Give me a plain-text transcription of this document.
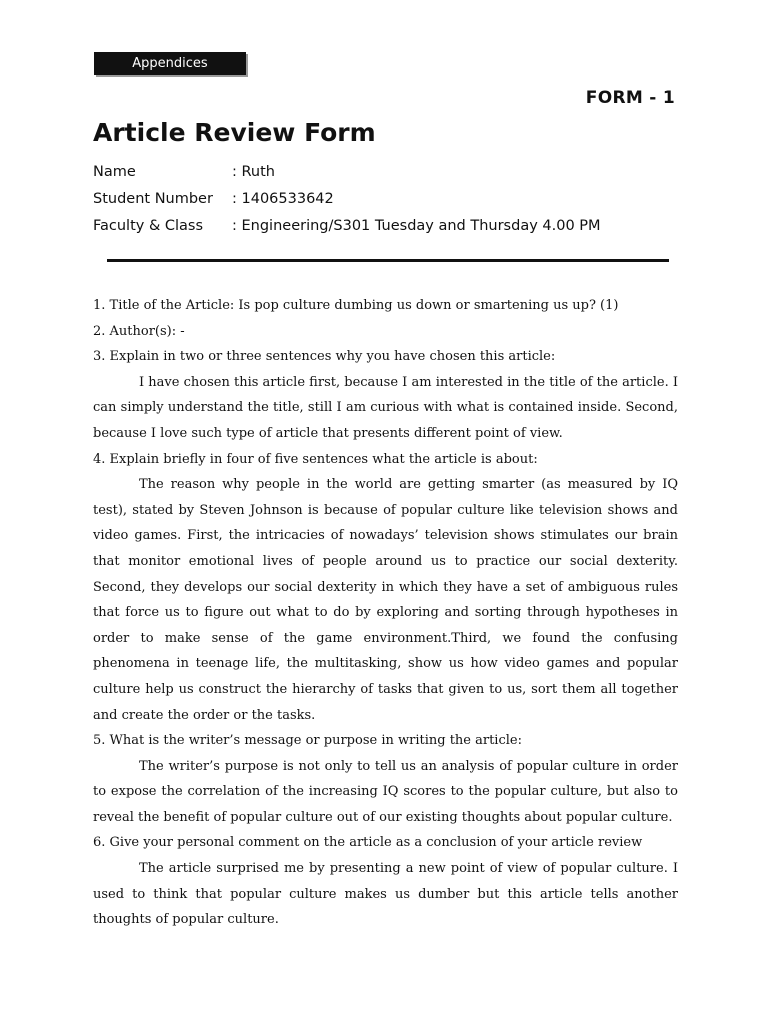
Appendices
FORM - 1
Article Review Form
Name	: Ruth
Student Number	: 1406533642
Faculty & Class	: Engineering/S301 Tuesday and Thursday 4.00 PM

1. Title of the Article: Is pop culture dumbing us down or smartening us up? (1)

2. Author(s): -

3. Explain in two or three sentences why you have chosen this article:

I have chosen this article first, because I am interested in the title of the article. I can simply understand the title, still I am curious with what is contained inside. Second, because I love such type of article that presents different point of view.

4. Explain briefly in four of five sentences what the article is about:

The reason why people in the world are getting smarter (as measured by IQ test), stated by Steven Johnson is because of popular culture like television shows and video games. First, the intricacies of nowadays’ television shows stimulates our brain that monitor emotional lives of people around us to practice our social dexterity. Second, they develops our social dexterity in which they have a set of ambiguous rules that force us to figure out what to do by exploring and sorting through hypotheses in order to make sense of the game environment.Third, we found the confusing phenomena in teenage life, the multitasking, show us how video games and popular culture help us construct the hierarchy of tasks that given to us, sort them all together and create the order or the tasks.

5. What is the writer’s message or purpose in writing the article:

The writer’s purpose is not only to tell us an analysis of popular culture in order to expose the correlation of the increasing IQ scores to the popular culture, but also to reveal the benefit of popular culture out of our existing thoughts about popular culture.

6. Give your personal comment on the article as a conclusion of your article review

The article surprised me by presenting a new point of view of popular culture. I used to think that popular culture makes us dumber but this article tells another thoughts of popular culture.
